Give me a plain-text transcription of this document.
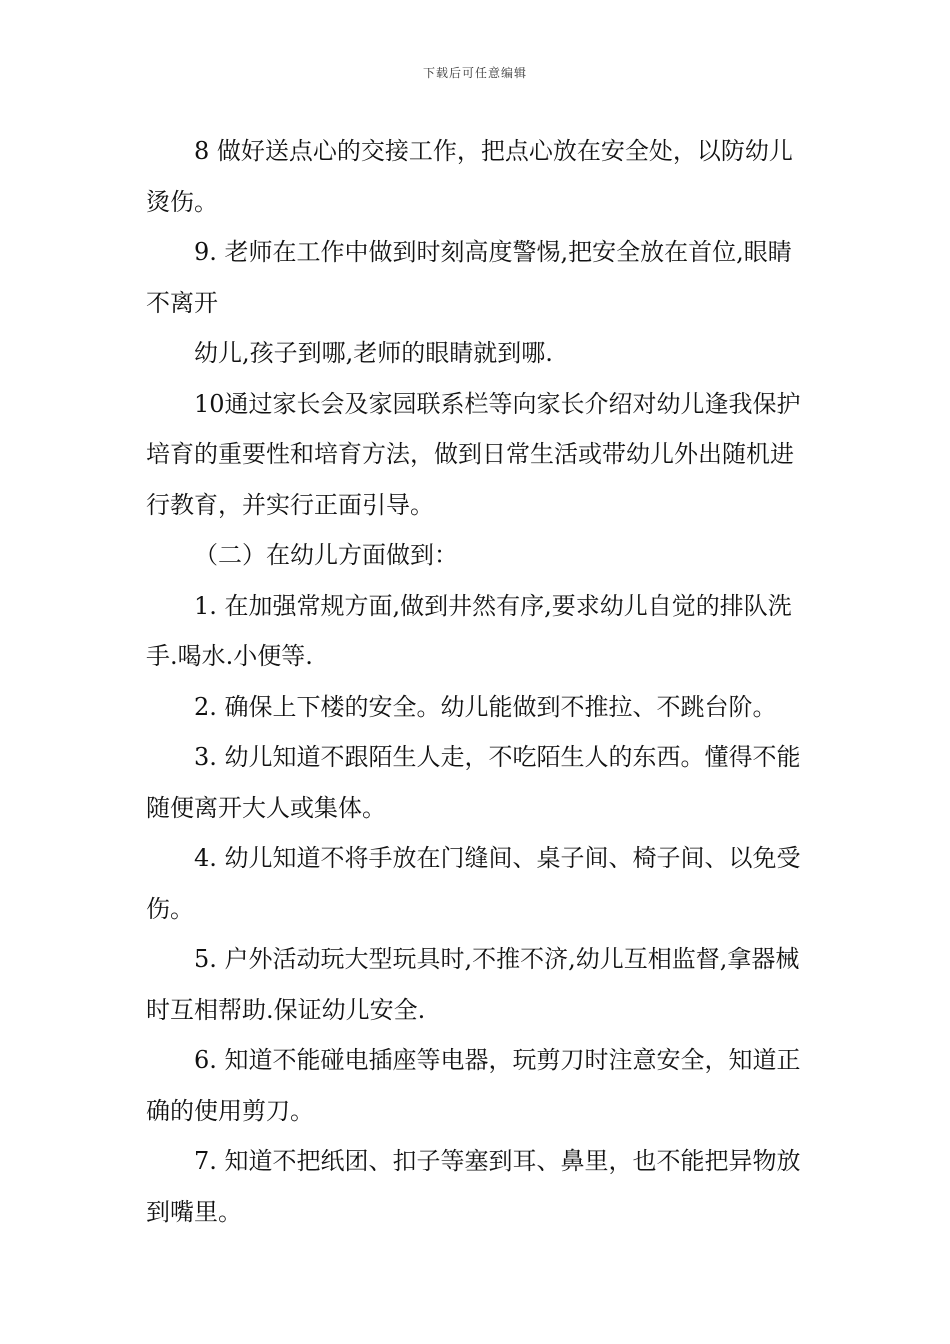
下载后可任意编辑

8 做好送点心的交接工作，把点心放在安全处，以防幼儿烫伤。

9. 老师在工作中做到时刻高度警惕,把安全放在首位,眼睛不离开

幼儿,孩子到哪,老师的眼睛就到哪.

10通过家长会及家园联系栏等向家长介绍对幼儿逢我保护培育的重要性和培育方法，做到日常生活或带幼儿外出随机进行教育，并实行正面引导。

（二）在幼儿方面做到：

1. 在加强常规方面,做到井然有序,要求幼儿自觉的排队洗手.喝水.小便等.

2. 确保上下楼的安全。幼儿能做到不推拉、不跳台阶。

3. 幼儿知道不跟陌生人走，不吃陌生人的东西。懂得不能随便离开大人或集体。

4. 幼儿知道不将手放在门缝间、桌子间、椅子间、以免受伤。

5. 户外活动玩大型玩具时,不推不济,幼儿互相监督,拿器械时互相帮助.保证幼儿安全.

6. 知道不能碰电插座等电器，玩剪刀时注意安全，知道正确的使用剪刀。

7. 知道不把纸团、扣子等塞到耳、鼻里，也不能把异物放到嘴里。
